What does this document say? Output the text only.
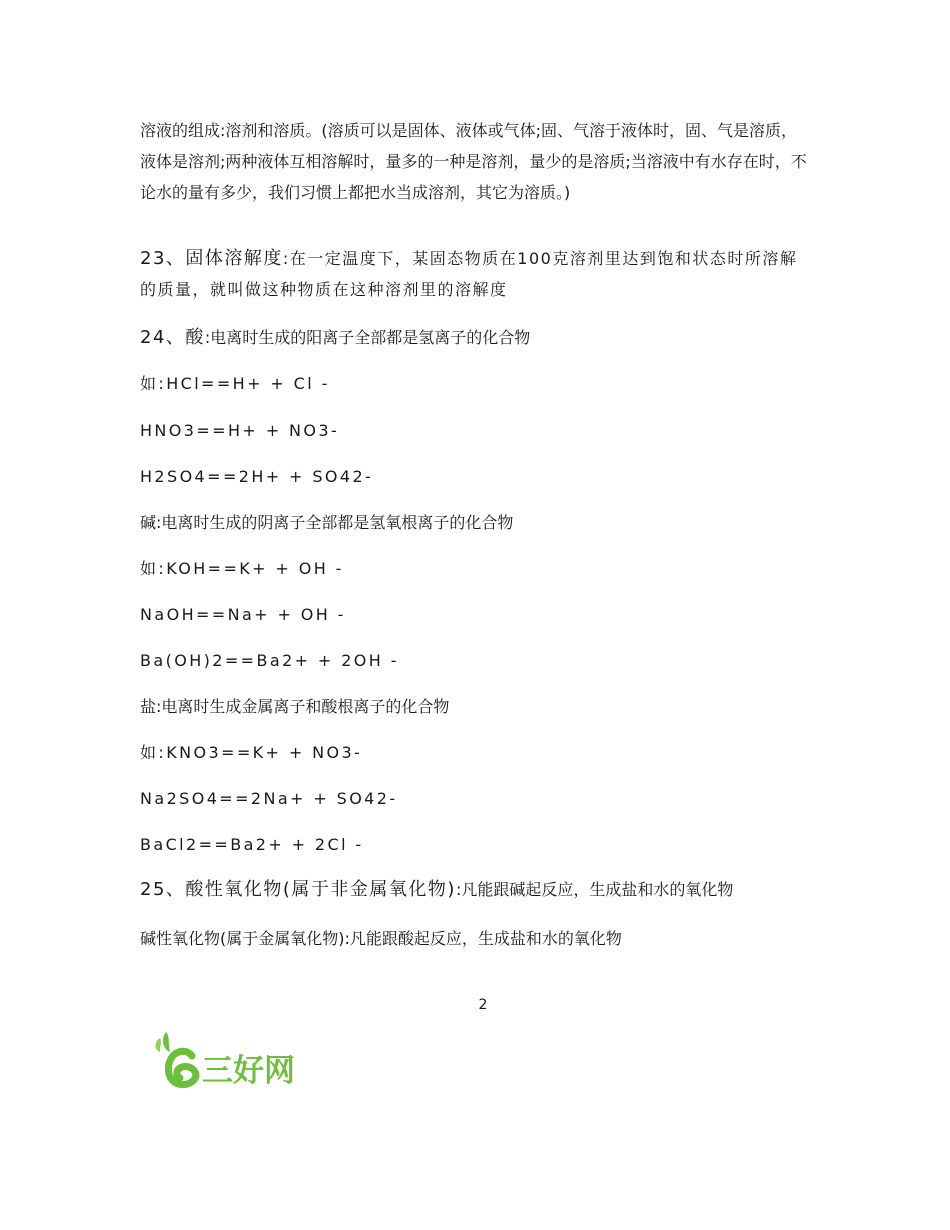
溶液的组成:溶剂和溶质。(溶质可以是固体、液体或气体;固、气溶于液体时，固、气是溶质，液体是溶剂;两种液体互相溶解时，量多的一种是溶剂，量少的是溶质;当溶液中有水存在时，不论水的量有多少，我们习惯上都把水当成溶剂，其它为溶质。)

23、固体溶解度:在一定温度下，某固态物质在100克溶剂里达到饱和状态时所溶解的质量，就叫做这种物质在这种溶剂里的溶解度

24、酸:电离时生成的阳离子全部都是氢离子的化合物

如:HCl==H+ + Cl -

HNO3==H+ + NO3-

H2SO4==2H+ + SO42-

碱:电离时生成的阴离子全部都是氢氧根离子的化合物

如:KOH==K+ + OH -

NaOH==Na+ + OH -

Ba(OH)2==Ba2+ + 2OH -

盐:电离时生成金属离子和酸根离子的化合物

如:KNO3==K+ + NO3-

Na2SO4==2Na+ + SO42-

BaCl2==Ba2+ + 2Cl -

25、酸性氧化物(属于非金属氧化物):凡能跟碱起反应，生成盐和水的氧化物

碱性氧化物(属于金属氧化物):凡能跟酸起反应，生成盐和水的氧化物

2
三好网
